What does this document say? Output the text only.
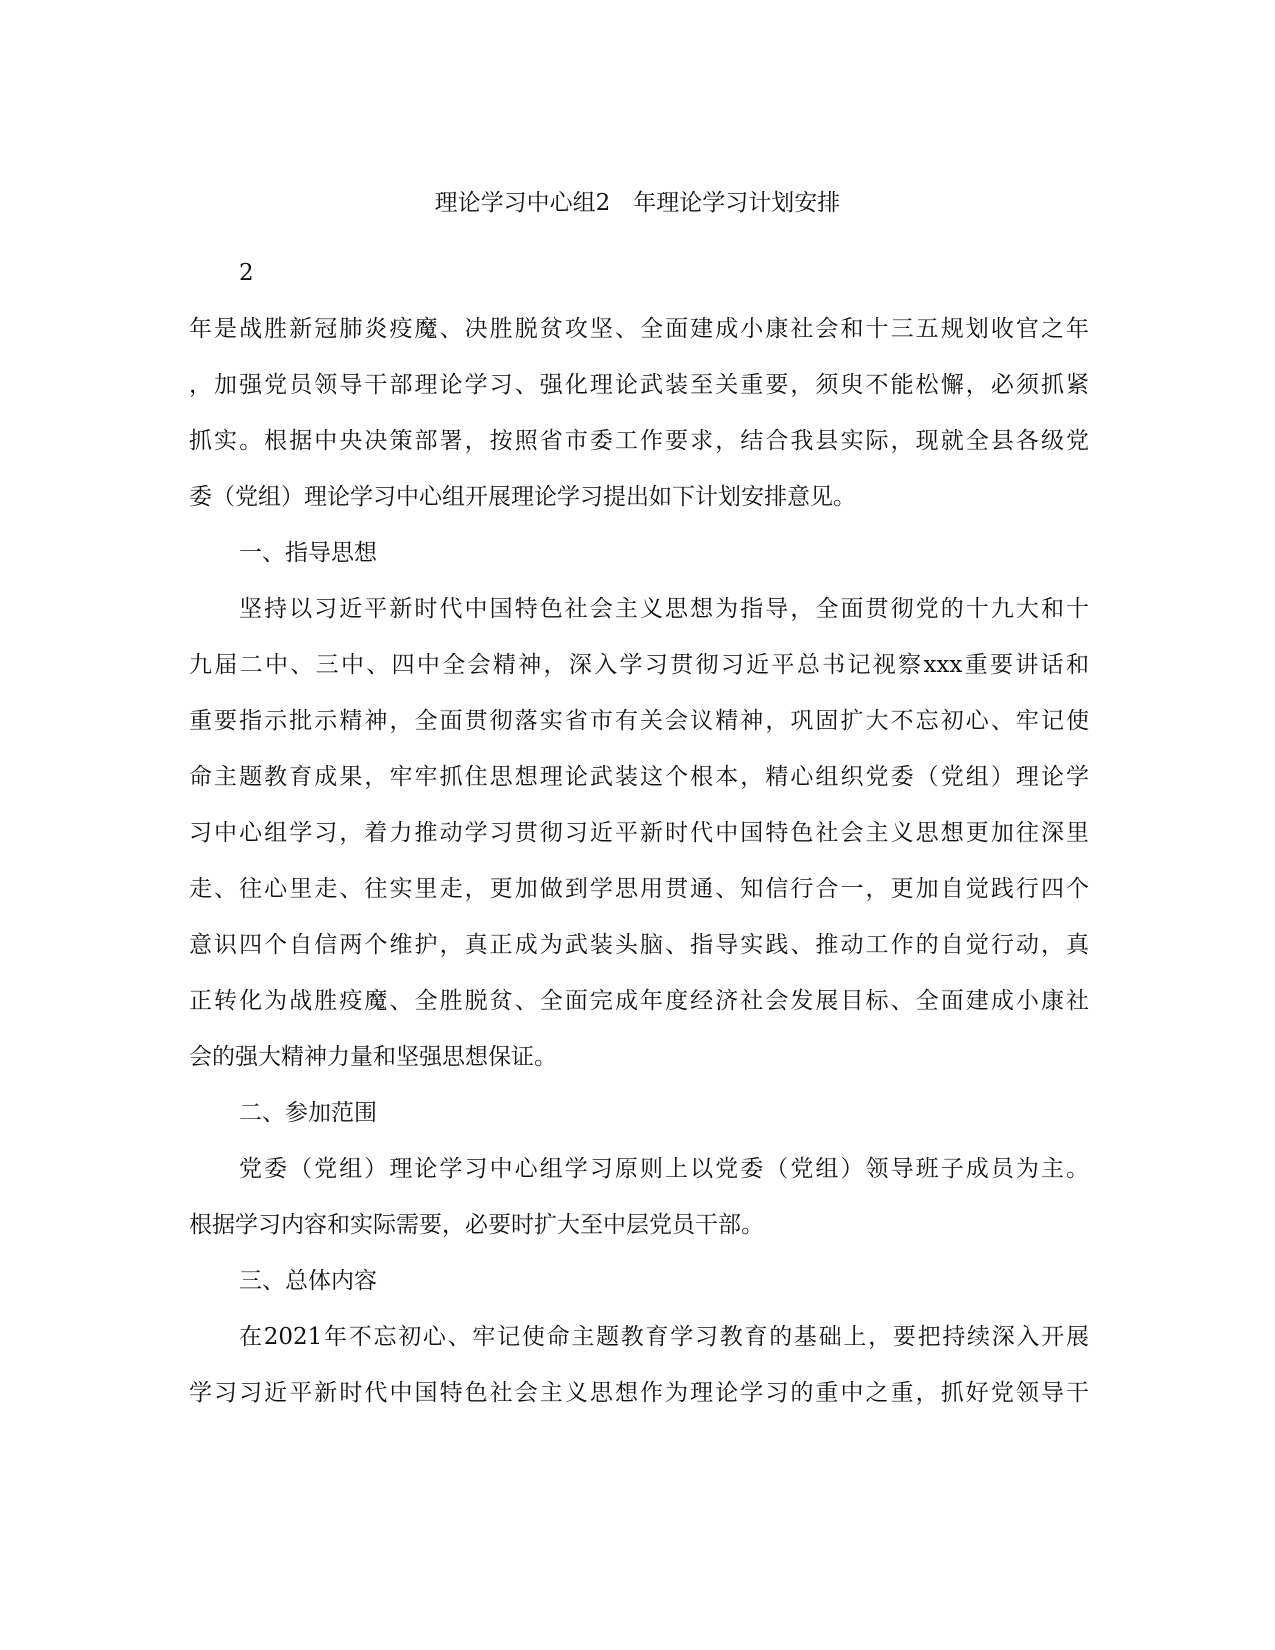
理论学习中心组2　年理论学习计划安排
2
年是战胜新冠肺炎疫魔、决胜脱贫攻坚、全面建成小康社会和十三五规划收官之年
，加强党员领导干部理论学习、强化理论武装至关重要，须臾不能松懈，必须抓紧
抓实。根据中央决策部署，按照省市委工作要求，结合我县实际，现就全县各级党
委（党组）理论学习中心组开展理论学习提出如下计划安排意见。
一、指导思想
坚持以习近平新时代中国特色社会主义思想为指导，全面贯彻党的十九大和十
九届二中、三中、四中全会精神，深入学习贯彻习近平总书记视察xxx重要讲话和
重要指示批示精神，全面贯彻落实省市有关会议精神，巩固扩大不忘初心、牢记使
命主题教育成果，牢牢抓住思想理论武装这个根本，精心组织党委（党组）理论学
习中心组学习，着力推动学习贯彻习近平新时代中国特色社会主义思想更加往深里
走、往心里走、往实里走，更加做到学思用贯通、知信行合一，更加自觉践行四个
意识四个自信两个维护，真正成为武装头脑、指导实践、推动工作的自觉行动，真
正转化为战胜疫魔、全胜脱贫、全面完成年度经济社会发展目标、全面建成小康社
会的强大精神力量和坚强思想保证。
二、参加范围
党委（党组）理论学习中心组学习原则上以党委（党组）领导班子成员为主。
根据学习内容和实际需要，必要时扩大至中层党员干部。
三、总体内容
在2021年不忘初心、牢记使命主题教育学习教育的基础上，要把持续深入开展
学习习近平新时代中国特色社会主义思想作为理论学习的重中之重，抓好党领导干
